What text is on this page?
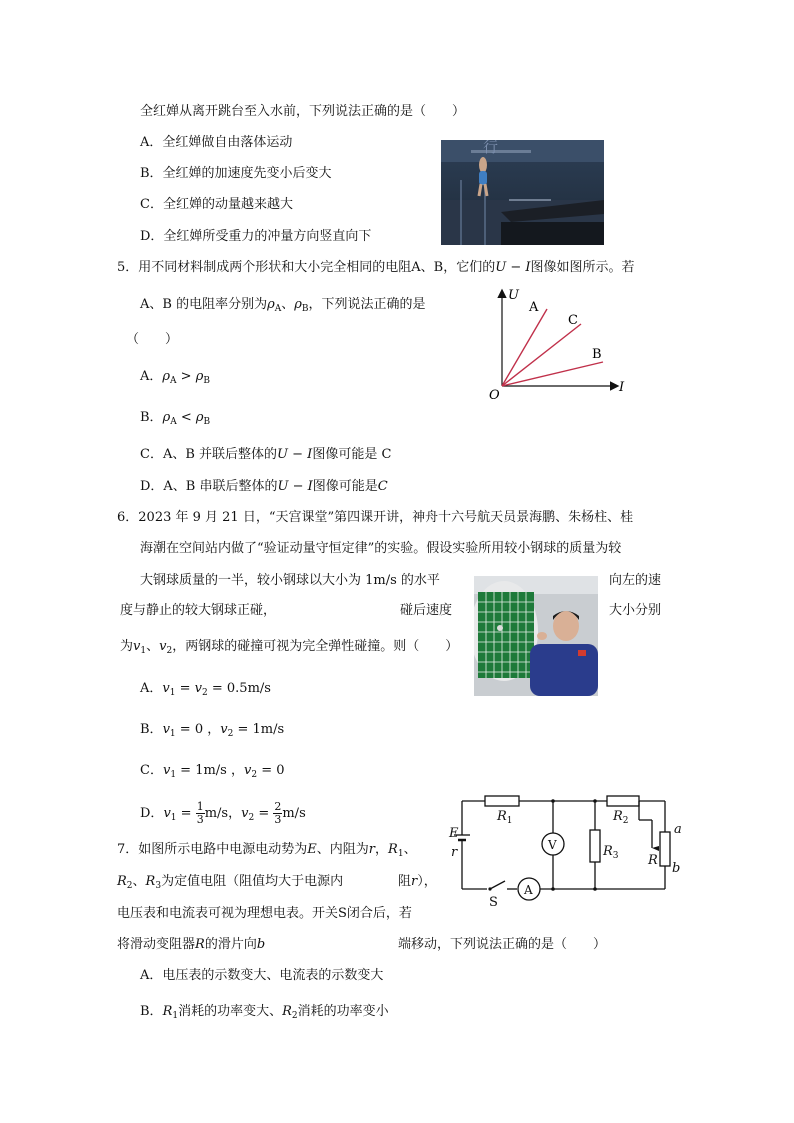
全红婵从离开跳台至入水前，下列说法正确的是（　　）
A．全红婵做自由落体运动
B．全红婵的加速度先变小后变大
C．全红婵的动量越来越大
D．全红婵所受重力的冲量方向竖直向下
行
5．用不同材料制成两个形状和大小完全相同的电阻A、B，它们的U − I图像如图所示。若
A、B 的电阻率分别为$\rho_A$、$\rho_B$，下列说法正确的是
（　　）
A．$\rho_A > \rho_B$
B．$\rho_A < \rho_B$
C．A、B 并联后整体的U − I图像可能是 C
D．A、B 串联后整体的U − I图像可能是C
U
I
O
A
C
B
6．2023 年 9 月 21 日，“天宫课堂”第四课开讲，神舟十六号航天员景海鹏、朱杨柱、桂
海潮在空间站内做了“验证动量守恒定律”的实验。假设实验所用较小钢球的质量为较
大钢球质量的一半，较小钢球以大小为 1m/s 的水平	向左的速
度与静止的较大钢球正碰，	碰后速度	大小分别
为$v_1$、$v_2$，两钢球的碰撞可视为完全弹性碰撞。则（　　）
A．$v_1 = v_2 = 0.5m/s$
B．$v_1 = 0$ ，$v_2 = 1m/s$
C．$v_1 = 1m/s$ ，$v_2 = 0$
D．$v_1 = \frac{1}{3} m/s$，$v_2 = \frac{2}{3} m/s$
7．如图所示电路中电源电动势为E、内阻为r，$R_1$、
$R_2$、$R_3$为定值电阻（阻值均大于电源内	阻r），
电压表和电流表可视为理想电表。开关S闭合后，若
将滑动变阻器R的滑片向b	端移动，下列说法正确的是（　　）
A．电压表的示数变大、电流表的示数变大
B．$R_1$消耗的功率变大、$R_2$消耗的功率变小
$R_1$	$R_2$
$R_3$
E
r	V
A
S
R
a
b
